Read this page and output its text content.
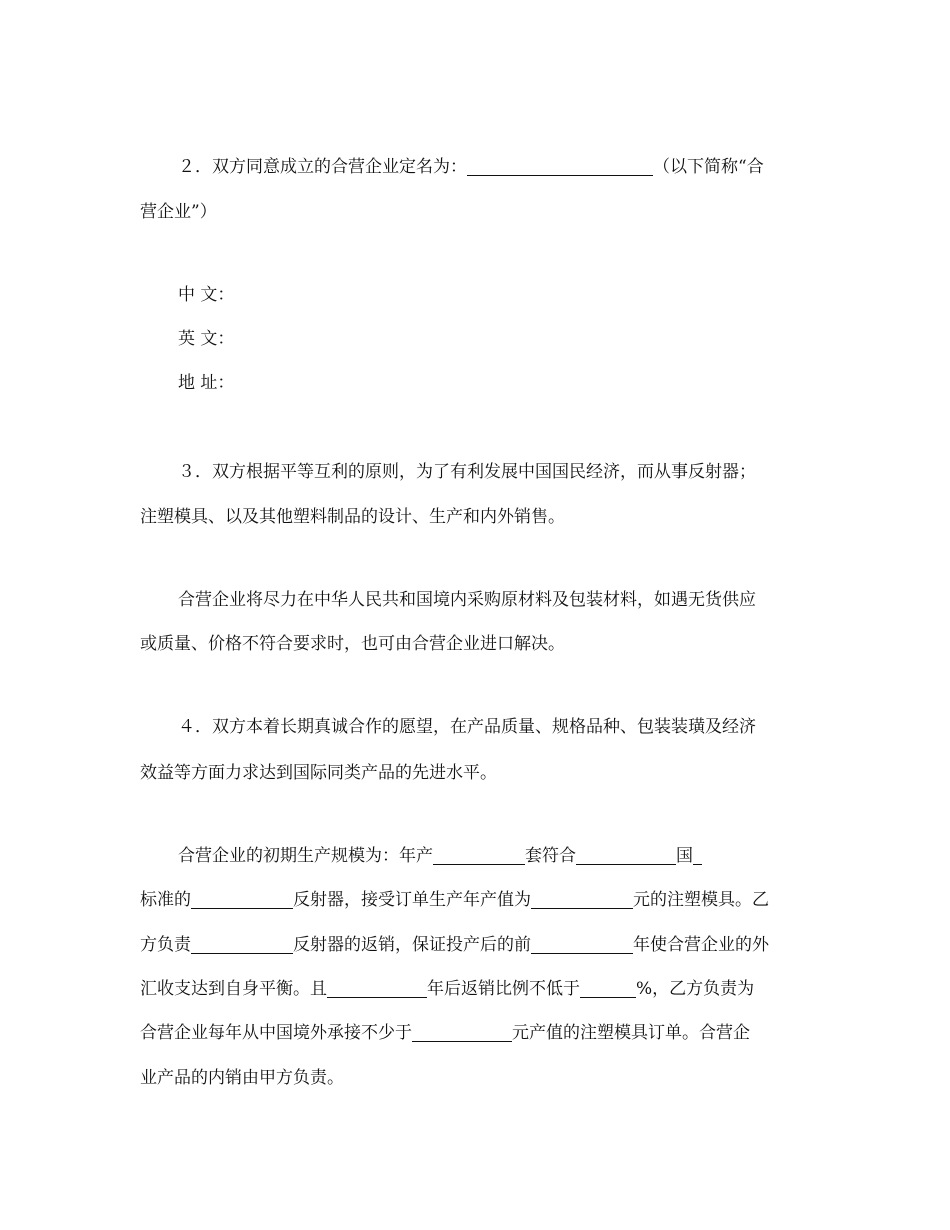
２．双方同意成立的合营企业定名为：	（以下简称“合
营企业”）
中 文：
英 文：
地 址：
３．双方根据平等互利的原则，为了有利发展中国国民经济，而从事反射器；
注塑模具、以及其他塑料制品的设计、生产和内外销售。
合营企业将尽力在中华人民共和国境内采购原材料及包装材料，如遇无货供应
或质量、价格不符合要求时，也可由合营企业进口解决。
４．双方本着长期真诚合作的愿望，在产品质量、规格品种、包装装璜及经济
效益等方面力求达到国际同类产品的先进水平。
合营企业的初期生产规模为：年产	套符合	国
标准的	反射器，接受订单生产年产值为	元的注塑模具。乙
方负责	反射器的返销，保证投产后的前	年使合营企业的外
汇收支达到自身平衡。且	年后返销比例不低于	%，乙方负责为
合营企业每年从中国境外承接不少于	元产值的注塑模具订单。合营企
业产品的内销由甲方负责。
